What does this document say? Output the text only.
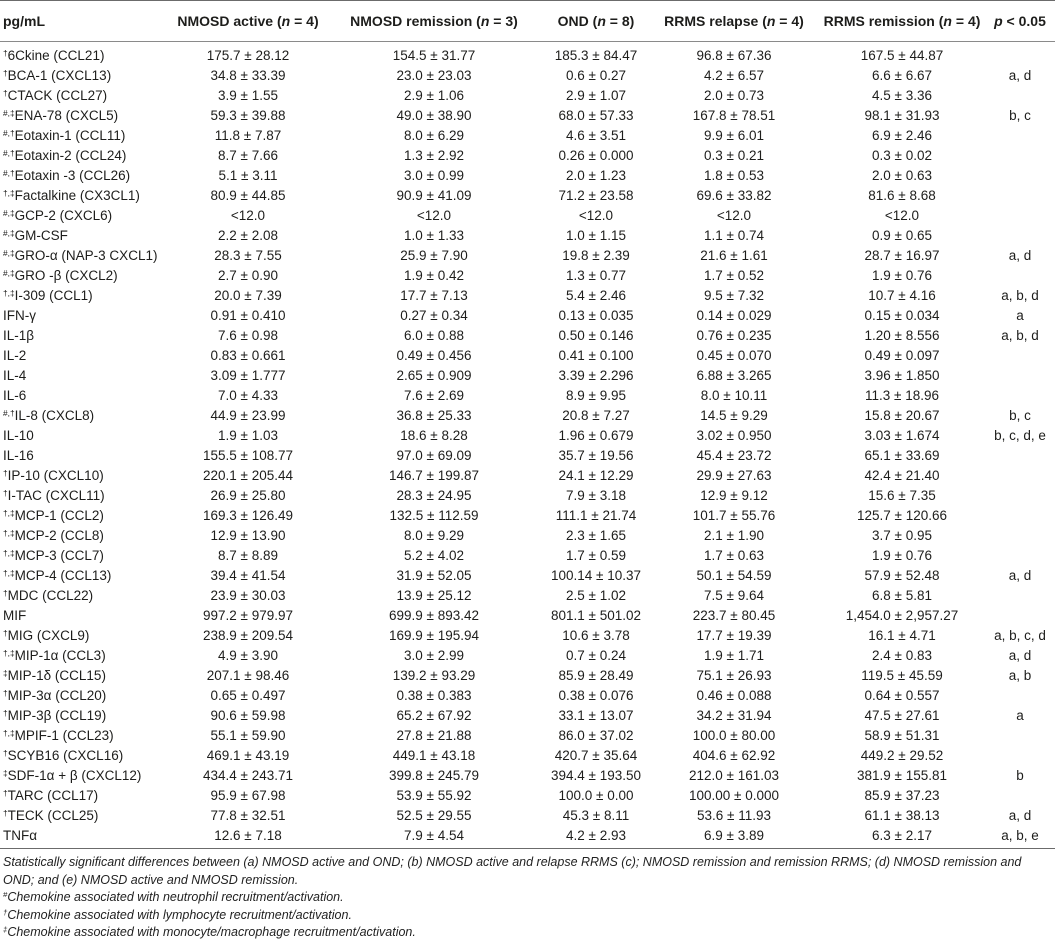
pg/mL	NMOSD active (n = 4)	NMOSD remission (n = 3)	OND (n = 8)	RRMS relapse (n = 4)	RRMS remission (n = 4)	p < 0.05
†6Ckine (CCL21)	175.7 ± 28.12	154.5 ± 31.77	185.3 ± 84.47	96.8 ± 67.36	167.5 ± 44.87	
†BCA-1 (CXCL13)	34.8 ± 33.39	23.0 ± 23.03	0.6 ± 0.27	4.2 ± 6.57	6.6 ± 6.67	a, d
†CTACK (CCL27)	3.9 ± 1.55	2.9 ± 1.06	2.9 ± 1.07	2.0 ± 0.73	4.5 ± 3.36	
#,‡ENA-78 (CXCL5)	59.3 ± 39.88	49.0 ± 38.90	68.0 ± 57.33	167.8 ± 78.51	98.1 ± 31.93	b, c
#,†Eotaxin-1 (CCL11)	11.8 ± 7.87	8.0 ± 6.29	4.6 ± 3.51	9.9 ± 6.01	6.9 ± 2.46	
#,†Eotaxin-2 (CCL24)	8.7 ± 7.66	1.3 ± 2.92	0.26 ± 0.000	0.3 ± 0.21	0.3 ± 0.02	
#,†Eotaxin -3 (CCL26)	5.1 ± 3.11	3.0 ± 0.99	2.0 ± 1.23	1.8 ± 0.53	2.0 ± 0.63	
†,‡Factalkine (CX3CL1)	80.9 ± 44.85	90.9 ± 41.09	71.2 ± 23.58	69.6 ± 33.82	81.6 ± 8.68	
#,‡GCP-2 (CXCL6)	<12.0	<12.0	<12.0	<12.0	<12.0	
#,‡GM-CSF	2.2 ± 2.08	1.0 ± 1.33	1.0 ± 1.15	1.1 ± 0.74	0.9 ± 0.65	
#,‡GRO-α (NAP-3 CXCL1)	28.3 ± 7.55	25.9 ± 7.90	19.8 ± 2.39	21.6 ± 1.61	28.7 ± 16.97	a, d
#,‡GRO -β (CXCL2)	2.7 ± 0.90	1.9 ± 0.42	1.3 ± 0.77	1.7 ± 0.52	1.9 ± 0.76	
†,‡I-309 (CCL1)	20.0 ± 7.39	17.7 ± 7.13	5.4 ± 2.46	9.5 ± 7.32	10.7 ± 4.16	a, b, d
IFN-γ	0.91 ± 0.410	0.27 ± 0.34	0.13 ± 0.035	0.14 ± 0.029	0.15 ± 0.034	a
IL-1β	7.6 ± 0.98	6.0 ± 0.88	0.50 ± 0.146	0.76 ± 0.235	1.20 ± 8.556	a, b, d
IL-2	0.83 ± 0.661	0.49 ± 0.456	0.41 ± 0.100	0.45 ± 0.070	0.49 ± 0.097	
IL-4	3.09 ± 1.777	2.65 ± 0.909	3.39 ± 2.296	6.88 ± 3.265	3.96 ± 1.850	
IL-6	7.0 ± 4.33	7.6 ± 2.69	8.9 ± 9.95	8.0 ± 10.11	11.3 ± 18.96	
#,†IL-8 (CXCL8)	44.9 ± 23.99	36.8 ± 25.33	20.8 ± 7.27	14.5 ± 9.29	15.8 ± 20.67	b, c
IL-10	1.9 ± 1.03	18.6 ± 8.28	1.96 ± 0.679	3.02 ± 0.950	3.03 ± 1.674	b, c, d, e
IL-16	155.5 ± 108.77	97.0 ± 69.09	35.7 ± 19.56	45.4 ± 23.72	65.1 ± 33.69	
†IP-10 (CXCL10)	220.1 ± 205.44	146.7 ± 199.87	24.1 ± 12.29	29.9 ± 27.63	42.4 ± 21.40	
†I-TAC (CXCL11)	26.9 ± 25.80	28.3 ± 24.95	7.9 ± 3.18	12.9 ± 9.12	15.6 ± 7.35	
†,‡MCP-1 (CCL2)	169.3 ± 126.49	132.5 ± 112.59	111.1 ± 21.74	101.7 ± 55.76	125.7 ± 120.66	
†,‡MCP-2 (CCL8)	12.9 ± 13.90	8.0 ± 9.29	2.3 ± 1.65	2.1 ± 1.90	3.7 ± 0.95	
†,‡MCP-3 (CCL7)	8.7 ± 8.89	5.2 ± 4.02	1.7 ± 0.59	1.7 ± 0.63	1.9 ± 0.76	
†,‡MCP-4 (CCL13)	39.4 ± 41.54	31.9 ± 52.05	100.14 ± 10.37	50.1 ± 54.59	57.9 ± 52.48	a, d
†MDC (CCL22)	23.9 ± 30.03	13.9 ± 25.12	2.5 ± 1.02	7.5 ± 9.64	6.8 ± 5.81	
MIF	997.2 ± 979.97	699.9 ± 893.42	801.1 ± 501.02	223.7 ± 80.45	1,454.0 ± 2,957.27	
†MIG (CXCL9)	238.9 ± 209.54	169.9 ± 195.94	10.6 ± 3.78	17.7 ± 19.39	16.1 ± 4.71	a, b, c, d
†,‡MIP-1α (CCL3)	4.9 ± 3.90	3.0 ± 2.99	0.7 ± 0.24	1.9 ± 1.71	2.4 ± 0.83	a, d
‡MIP-1δ (CCL15)	207.1 ± 98.46	139.2 ± 93.29	85.9 ± 28.49	75.1 ± 26.93	119.5 ± 45.59	a, b
†MIP-3α (CCL20)	0.65 ± 0.497	0.38 ± 0.383	0.38 ± 0.076	0.46 ± 0.088	0.64 ± 0.557	
†MIP-3β (CCL19)	90.6 ± 59.98	65.2 ± 67.92	33.1 ± 13.07	34.2 ± 31.94	47.5 ± 27.61	a
†,‡MPIF-1 (CCL23)	55.1 ± 59.90	27.8 ± 21.88	86.0 ± 37.02	100.0 ± 80.00	58.9 ± 51.31	
†SCYB16 (CXCL16)	469.1 ± 43.19	449.1 ± 43.18	420.7 ± 35.64	404.6 ± 62.92	449.2 ± 29.52	
‡SDF-1α + β (CXCL12)	434.4 ± 243.71	399.8 ± 245.79	394.4 ± 193.50	212.0 ± 161.03	381.9 ± 155.81	b
†TARC (CCL17)	95.9 ± 67.98	53.9 ± 55.92	100.0 ± 0.00	100.00 ± 0.000	85.9 ± 37.23	
†TECK (CCL25)	77.8 ± 32.51	52.5 ± 29.55	45.3 ± 8.11	53.6 ± 11.93	61.1 ± 38.13	a, d
TNFα	12.6 ± 7.18	7.9 ± 4.54	4.2 ± 2.93	6.9 ± 3.89	6.3 ± 2.17	a, b, e

Statistically significant differences between (a) NMOSD active and OND; (b) NMOSD active and relapse RRMS (c); NMOSD remission and remission RRMS; (d) NMOSD remission and OND; and (e) NMOSD active and NMOSD remission.

#Chemokine associated with neutrophil recruitment/activation.

†Chemokine associated with lymphocyte recruitment/activation.

‡Chemokine associated with monocyte/macrophage recruitment/activation.
